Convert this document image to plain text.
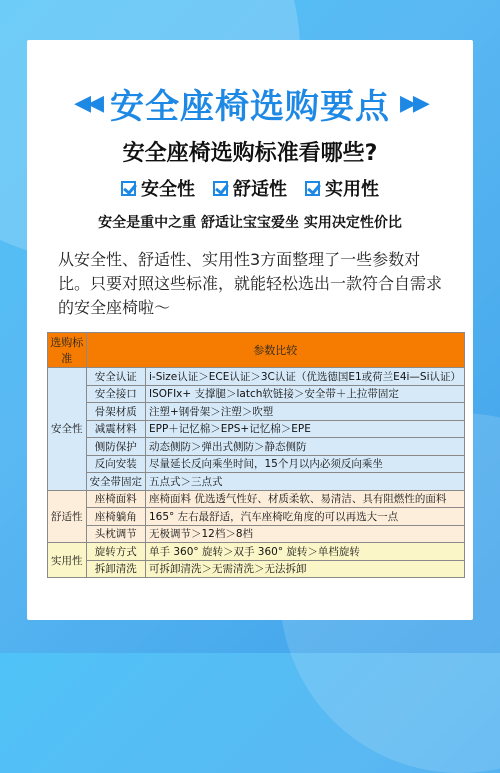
◀◀ 安全座椅选购要点 ▶▶
安全座椅选购标准看哪些?
安全性 舒适性 实用性
安全是重中之重 舒适让宝宝爱坐 实用决定性价比
从安全性、舒适性、实用性3方面整理了一些参数对比。只要对照这些标准，就能轻松选出一款符合自需求的安全座椅啦～
选购标准	参数比较	
安全性	安全认证	i-Size认证＞ECE认证＞3C认证（优选德国E1或荷兰E4i—Si认证）
	安全接口	ISOFIx+ 支撑腿＞latch软链接＞安全带＋上拉带固定
	骨架材质	注塑+钢骨架＞注塑＞吹塑
	减震材料	EPP＋记忆棉＞EPS+记忆棉＞EPE
	侧防保护	动态侧防＞弹出式侧防＞静态侧防
	反向安装	尽量延长反向乘坐时间，15个月以内必须反向乘坐
	安全带固定	五点式＞三点式
舒适性	座椅面料	座椅面料 优选透气性好、材质柔软、易清洁、具有阻燃性的面料
	座椅躺角	165° 左右最舒适，汽车座椅吃角度的可以再选大一点
	头枕调节	无极调节＞12档＞8档
实用性	旋转方式	单手 360° 旋转＞双手 360° 旋转＞单档旋转
	拆卸清洗	可拆卸清洗＞无需清洗＞无法拆卸
